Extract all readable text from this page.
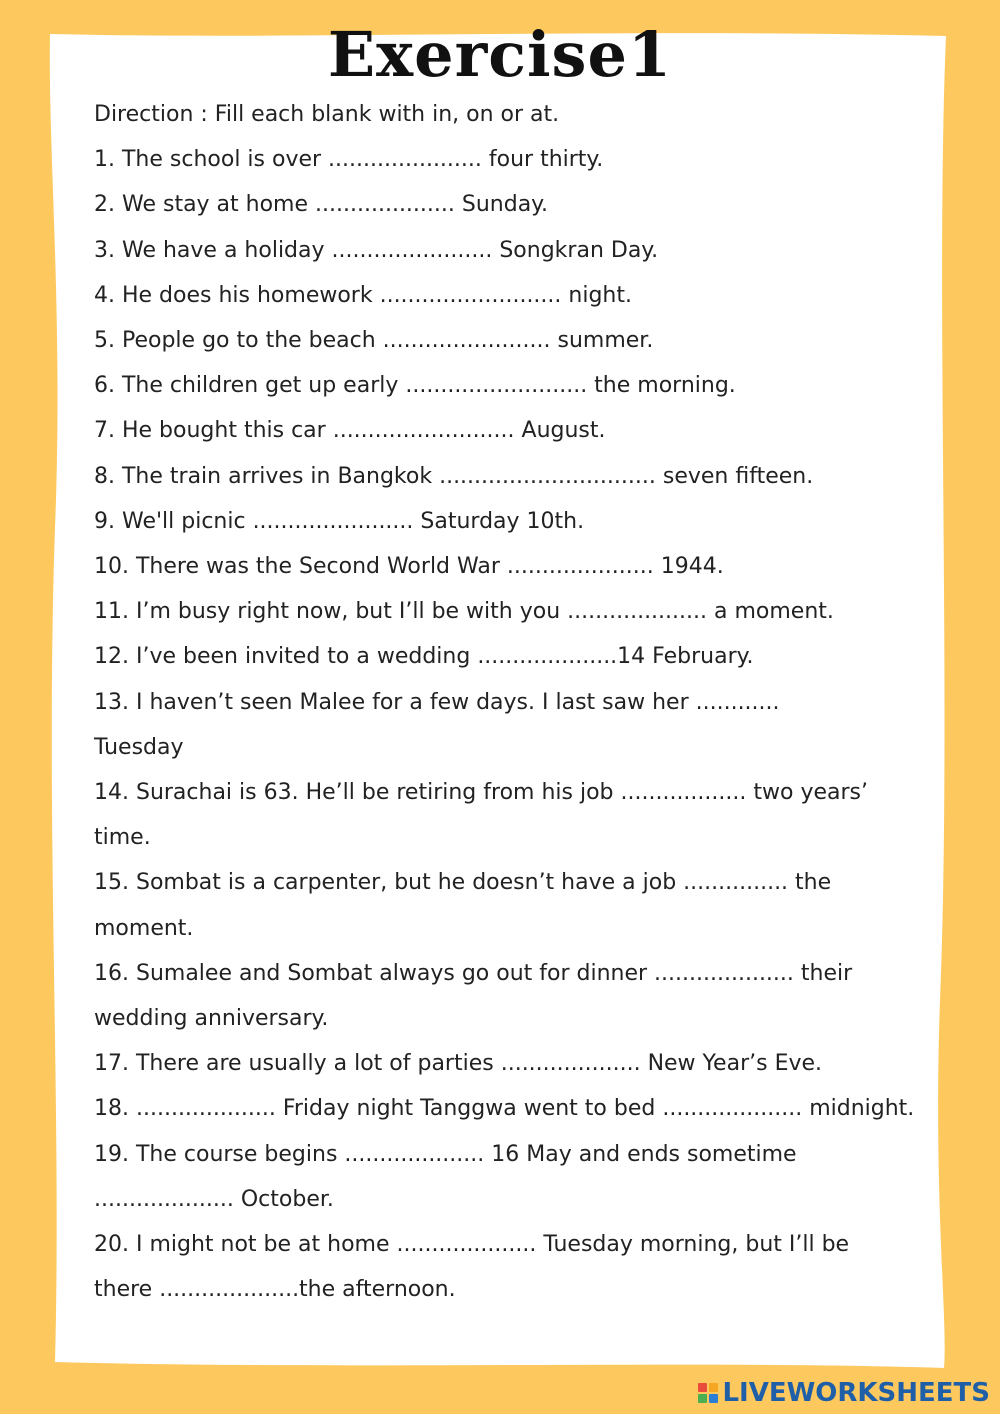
Exercise1
Direction : Fill each blank with in, on or at.
1. The school is over ...................... four thirty.
2. We stay at home .................... Sunday.
3. We have a holiday ....................... Songkran Day.
4. He does his homework .......................... night.
5. People go to the beach ........................ summer.
6. The children get up early .......................... the morning.
7. He bought this car .......................... August.
8. The train arrives in Bangkok ............................... seven fifteen.
9. We'll picnic ....................... Saturday 10th.
10. There was the Second World War ..................... 1944.
11. I’m busy right now, but I’ll be with you .................... a moment.
12. I’ve been invited to a wedding ....................14 February.
13. I haven’t seen Malee for a few days. I last saw her ............
Tuesday
14. Surachai is 63. He’ll be retiring from his job .................. two years’
time.
15. Sombat is a carpenter, but he doesn’t have a job ............... the
moment.
16. Sumalee and Sombat always go out for dinner .................... their
wedding anniversary.
17. There are usually a lot of parties .................... New Year’s Eve.
18. .................... Friday night Tanggwa went to bed .................... midnight.
19. The course begins .................... 16 May and ends sometime
.................... October.
20. I might not be at home .................... Tuesday morning, but I’ll be
there ....................the afternoon.
LIVEWORKSHEETS
